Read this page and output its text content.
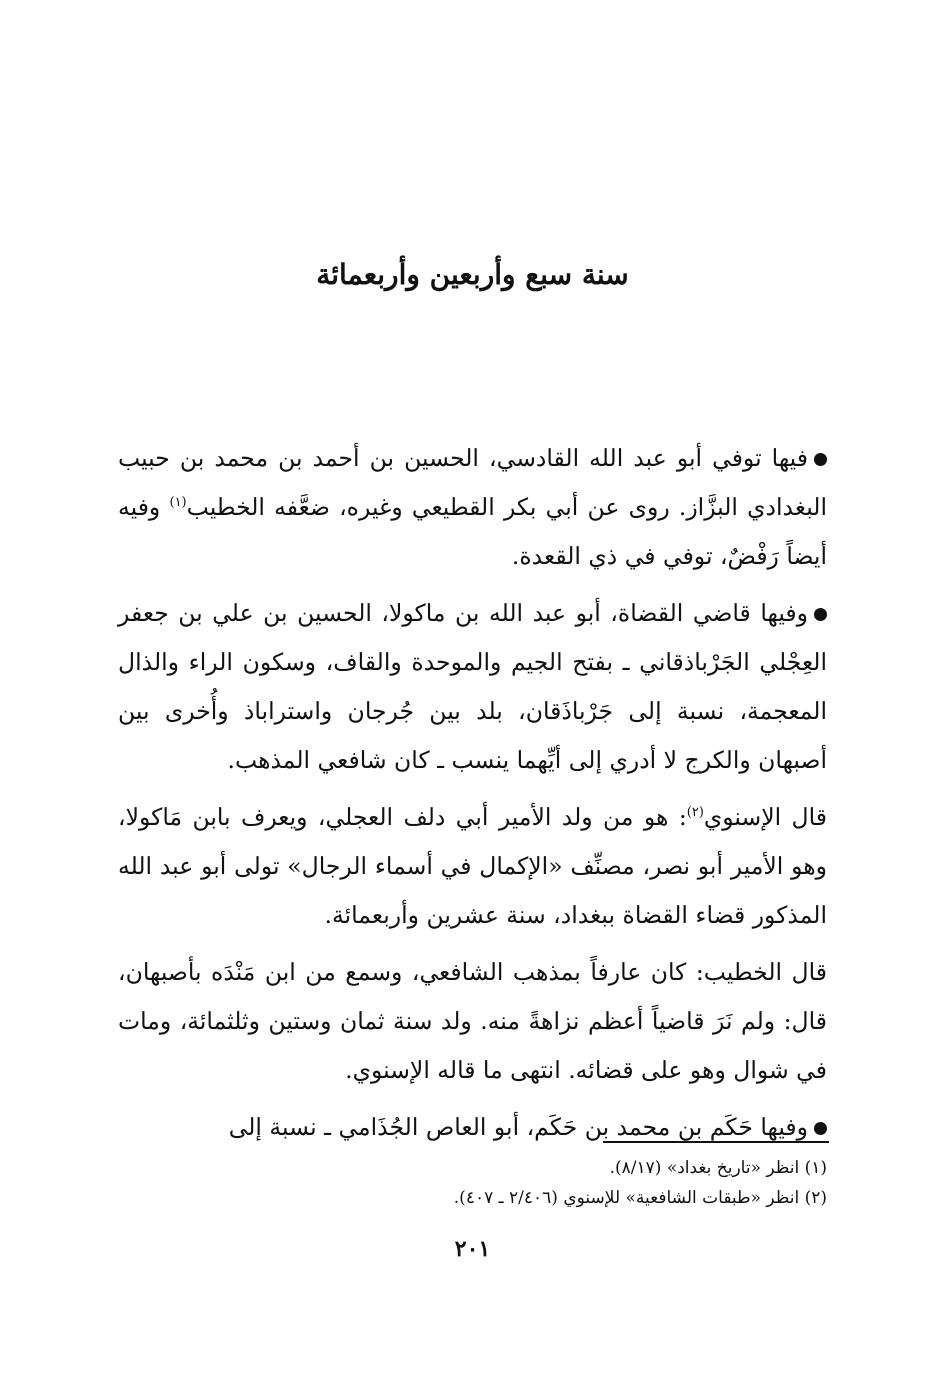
سنة سبع وأربعين وأربعمائة

فيها توفي أبو عبد الله القادسي، الحسين بن أحمد بن محمد بن حبيب البغدادي البزَّاز. روى عن أبي بكر القطيعي وغيره، ضعَّفه الخطيب$^{(١)}$ وفيه أيضاً رَفْضٌ، توفي في ذي القعدة.

وفيها قاضي القضاة، أبو عبد الله بن ماكولا، الحسين بن علي بن جعفر العِجْلي الجَرْباذقاني ـ بفتح الجيم والموحدة والقاف، وسكون الراء والذال المعجمة، نسبة إلى جَرْباذَقان، بلد بين جُرجان واستراباذ وأُخرى بين أصبهان والكرج لا أدري إلى أيِّهما ينسب ـ كان شافعي المذهب.

قال الإسنوي$^{(٢)}$: هو من ولد الأمير أبي دلف العجلي، ويعرف بابن مَاكولا، وهو الأمير أبو نصر، مصنِّف «الإكمال في أسماء الرجال» تولى أبو عبد الله المذكور قضاء القضاة ببغداد، سنة عشرين وأربعمائة.

قال الخطيب: كان عارفاً بمذهب الشافعي، وسمع من ابن مَنْدَه بأصبهان، قال: ولم نَرَ قاضياً أعظم نزاهةً منه. ولد سنة ثمان وستين وثلثمائة، ومات في شوال وهو على قضائه. انتهى ما قاله الإسنوي.

وفيها حَكَم بن محمد بن حَكَم، أبو العاص الجُذَامي ـ نسبة إلى

(١) انظر «تاريخ بغداد» (٨/١٧).
(٢) انظر «طبقات الشافعية» للإسنوي (٢/٤٠٦ ـ ٤٠٧).
٢٠١
